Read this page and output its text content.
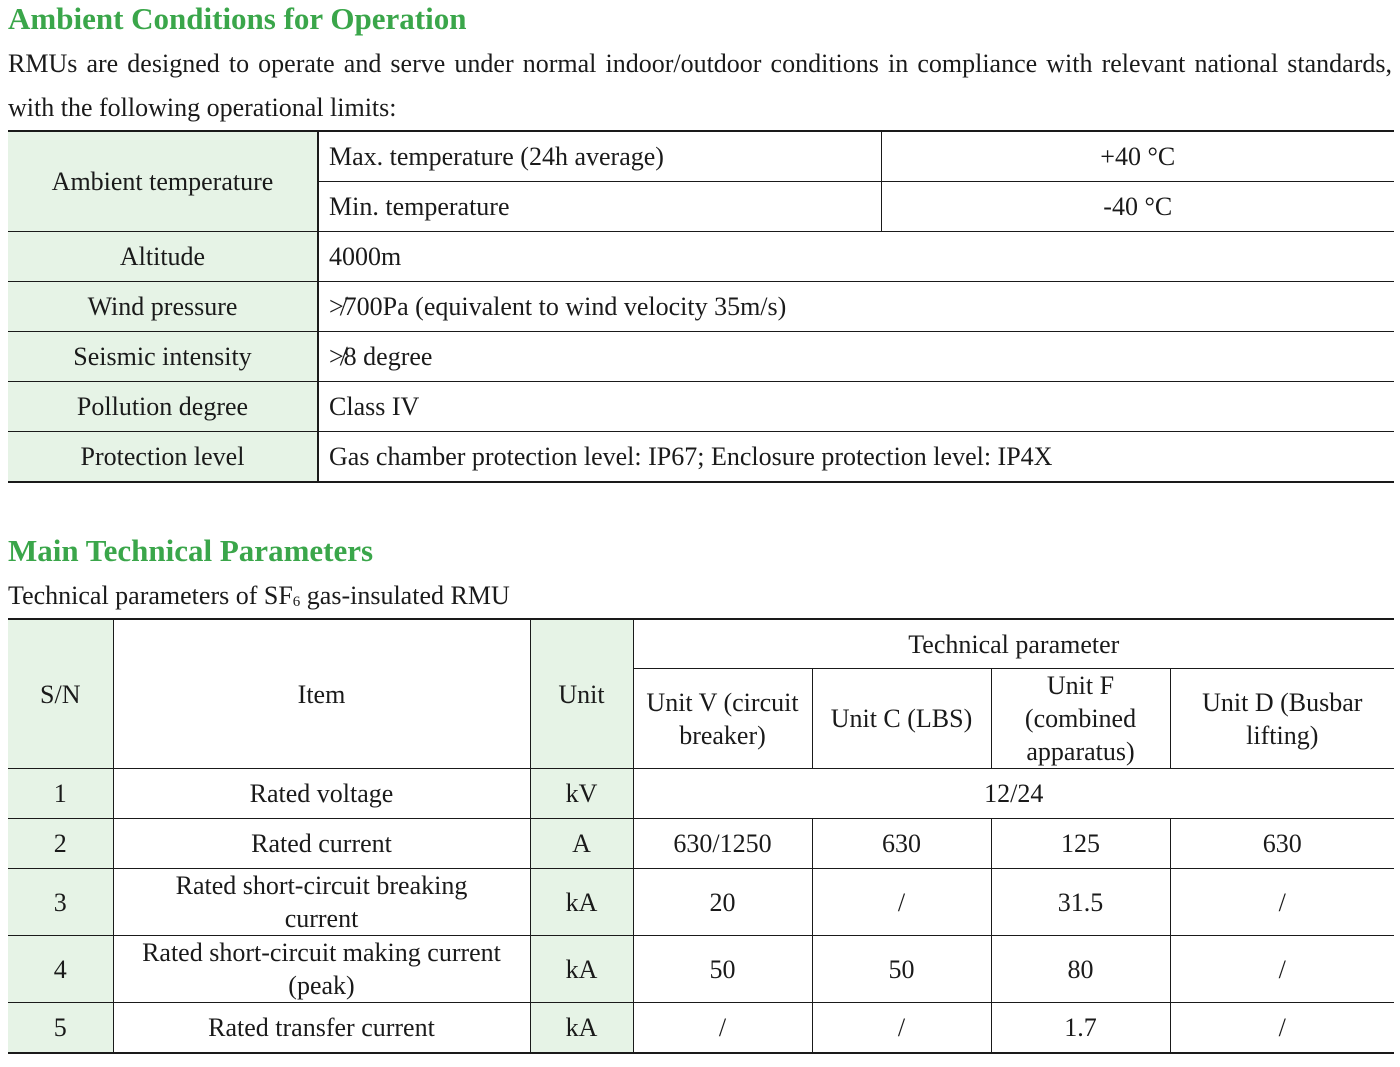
Ambient Conditions for Operation
RMUs are designed to operate and serve under normal indoor/outdoor conditions in compliance with relevant national standards, with the following operational limits:
Ambient temperature	Max. temperature (24h average)	+40 °C
	Min. temperature	-40 °C
Altitude	4000m	
Wind pressure	≯700Pa (equivalent to wind velocity 35m/s)	
Seismic intensity	≯8 degree	
Pollution degree	Class IV	
Protection level	Gas chamber protection level: IP67; Enclosure protection level: IP4X	
Main Technical Parameters
Technical parameters of $SF_6$ gas-insulated RMU
S/N	Item	Unit	Technical parameter			
			Unit V (circuit breaker)	Unit C (LBS)	Unit F (combined apparatus)	Unit D (Busbar lifting)
1	Rated voltage	kV	12/24			
2	Rated current	A	630/1250	630	125	630
3	Rated short-circuit breaking current	kA	20	/	31.5	/
4	Rated short-circuit making current (peak)	kA	50	50	80	/
5	Rated transfer current	kA	/	/	1.7	/
